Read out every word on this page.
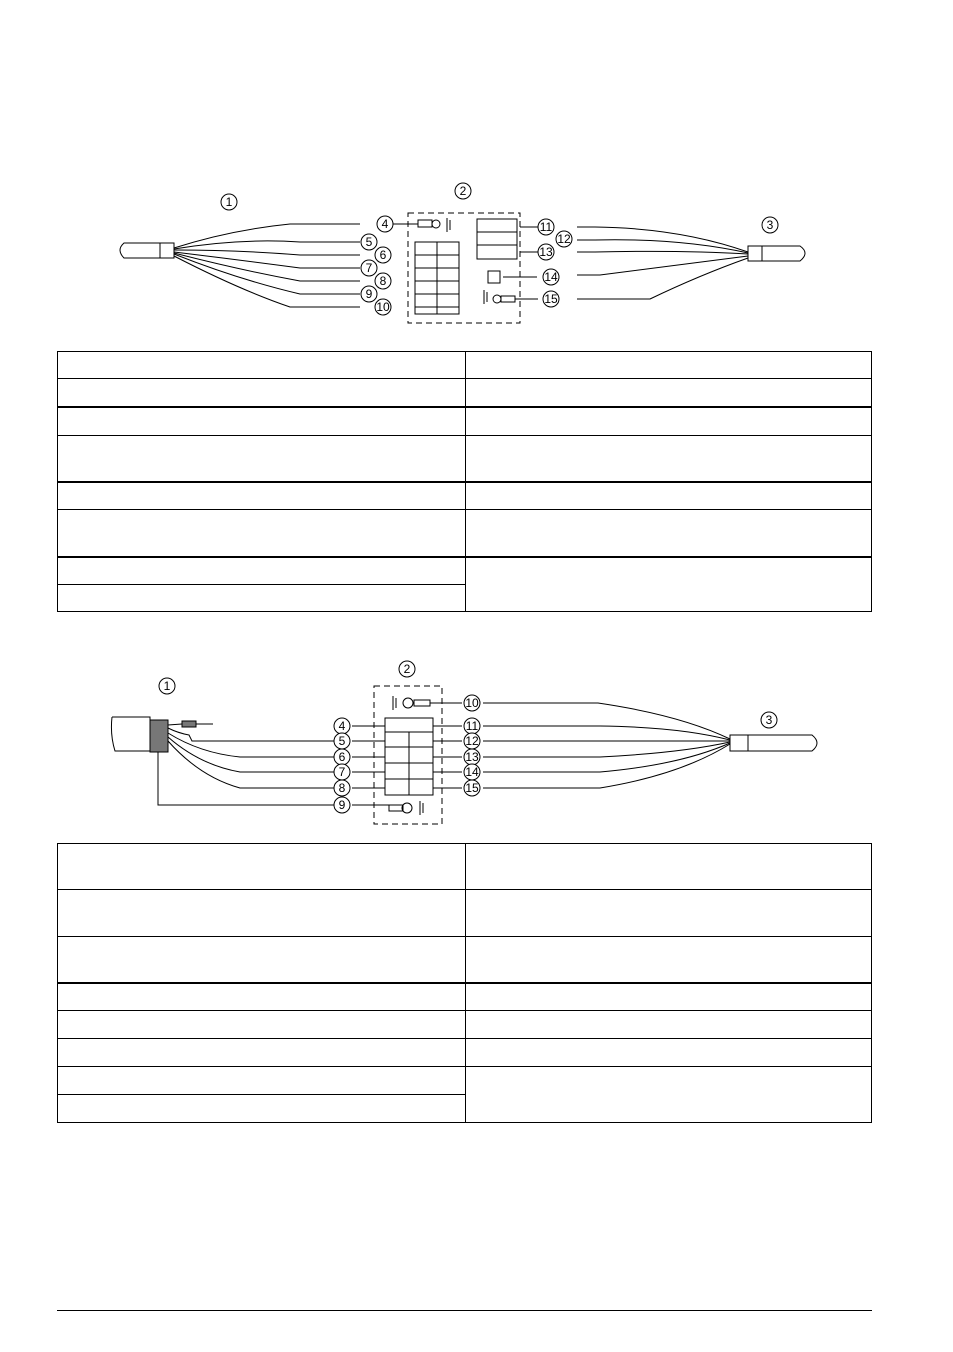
1
2
3
4
5
6
7
8
9
10
11
12
13
14
15

1
2
3
4
5
6
7
8
9
10
11
12
13
14
15
